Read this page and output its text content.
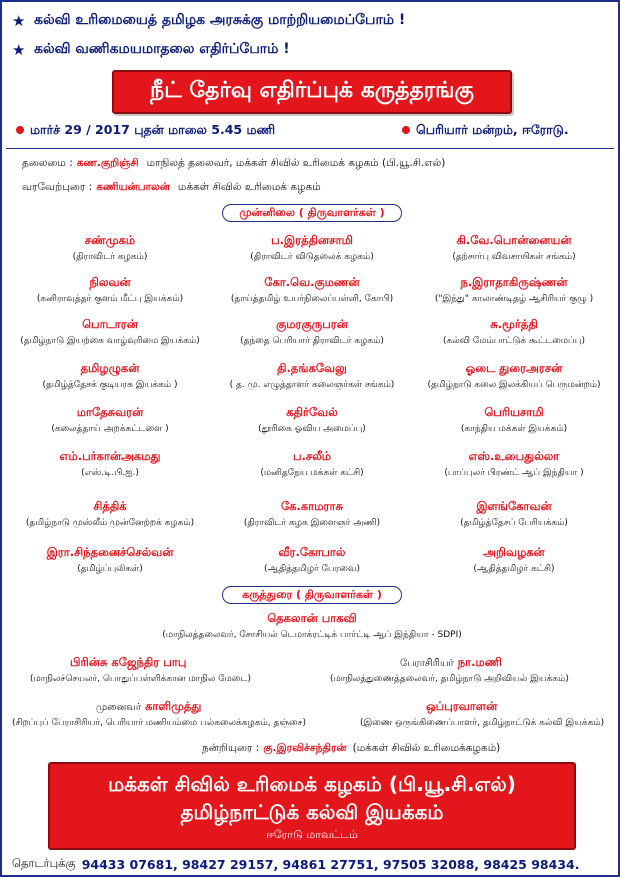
★ கல்வி உரிமையைத் தமிழக அரசுக்கு மாற்றியமைப்போம் !
★ கல்வி வணிகமயமாதலை எதிர்ப்போம் !
நீட் தேர்வு எதிர்ப்புக் கருத்தரங்கு
மார்ச் 29 / 2017 புதன் மாலை 5.45 மணி	பெரியார் மன்றம், ஈரோடு.
தலைமை : கண.குறிஞ்சி மாநிலத் தலைவர், மக்கள் சிவில் உரிமைக் கழகம் (பி.யூ.சி.எல்)
வரவேற்புரை : கணியன்பாலன் மக்கள் சிவில் உரிமைக் கழகம்
முன்னிலை ( திருவாளர்கள் )
சண்முகம்
(திராவிடர் கழகம்)
ப.இரத்தினசாமி
(திராவிடர் விடுதலைக் கழகம்)
கி.வே.பொன்னையன்
(தற்சார்பு விவசாயிகள் சங்கம்)
நிலவன்
(கனிராவுத்தர் குளம் மீட்பு இயக்கம்)
கோ.வெ.குமணன்
(தாய்த்தமிழ் உயர்நிலைப்பள்ளி, கோபி)
ந.இராதாகிருஷ்ணன்
("இந்து" காலாண்டிதழ் ஆசிரியர் குழு )
பொடாரன்
(தமிழ்நாடு இயற்கை வாழ்வுரிமை இயக்கம்)
குமரகுருபரன்
(தந்தை பெரியார் திராவிடர் கழகம்)
சு.மூர்த்தி
(கல்வி மேம்பாட்டுக் கூட்டமைப்பு)
தமிழழுகன்
(தமிழ்த்தேசக் குடியரசு இயக்கம் )
தி.தங்கவேலு
( த. மு. எழுத்தாளர் கலைஞர்கள் சங்கம்)
ஓடை துரைஅரசன்
(தமிழ்நாடு கலை இலக்கியப் பெருமன்றம்)
மாதேசுவரன்
(கலைத்தாய் அறக்கட்டளை )
கதிர்வேல்
(தூரிகை ஓவிய அமைப்பு)
பெரியசாமி
(காந்திய மக்கள் இயக்கம்)
எம்.பர்கான்அகமது
(எஸ்.டி.பி.ஐ.)
ப.சலீம்
(மனிதநேய மக்கள் கட்சி)
எஸ்.உபைதுல்லா
(பாப்புலர் பிரண்ட் ஆப் இந்தியா )
சித்திக்
(தமிழ்நாடு முஸ்லீம் முன்னேற்றக் கழகம்)
கே.காமராசு
(திராவிடர் கழக இளைஞர் அணி)
இளங்கோவன்
(தமிழ்த்தேசப் பேரியக்கம்)
இரா.சிந்தனைச்செல்வன்
(தமிழ்ப்புலிகள்)
வீர.கோபால்
(ஆதித்தமிழர் பேரவை)
அறிவழகன்
(ஆதித்தமிழர் கட்சி)
கருத்துரை ( திருவாளர்கள் )
தெகலான் பாகவி
(மாநிலத்தலைவர், சோசியல் டெமாக்ரட்டிக் பார்ட்டி ஆப் இந்தியா - SDPI)
பிரின்சு கஜேந்திர பாபு
(மாநிலச்செயலர், பொதுப்பள்ளிக்கான மாநில மேடை)
பேராசிரியர் நா.மணி
(மாநிலத்துணைத்தலைவர், தமிழ்நாடு அறிவியல் இயக்கம்)
முனைவர் காளிமுத்து
(சிறப்புப் பேராசிரியர், பெரியார் மணியம்மை பல்கலைக்கழகம், தஞ்சை)
ஒப்புரவாளன்
(இணை ஒருங்கிணைப்பாளர், தமிழ்நாட்டுக் கல்வி இயக்கம்)
நன்றியுரை : கு.இரவிச்சந்திரன் (மக்கள் சிவில் உரிமைக்கழகம்)
மக்கள் சிவில் உரிமைக் கழகம் (பி.யூ.சி.எல்)
தமிழ்நாட்டுக் கல்வி இயக்கம்
ஈரோடு மாவட்டம்
தொடர்புக்கு 94433 07681, 98427 29157, 94861 27751, 97505 32088, 98425 98434.
